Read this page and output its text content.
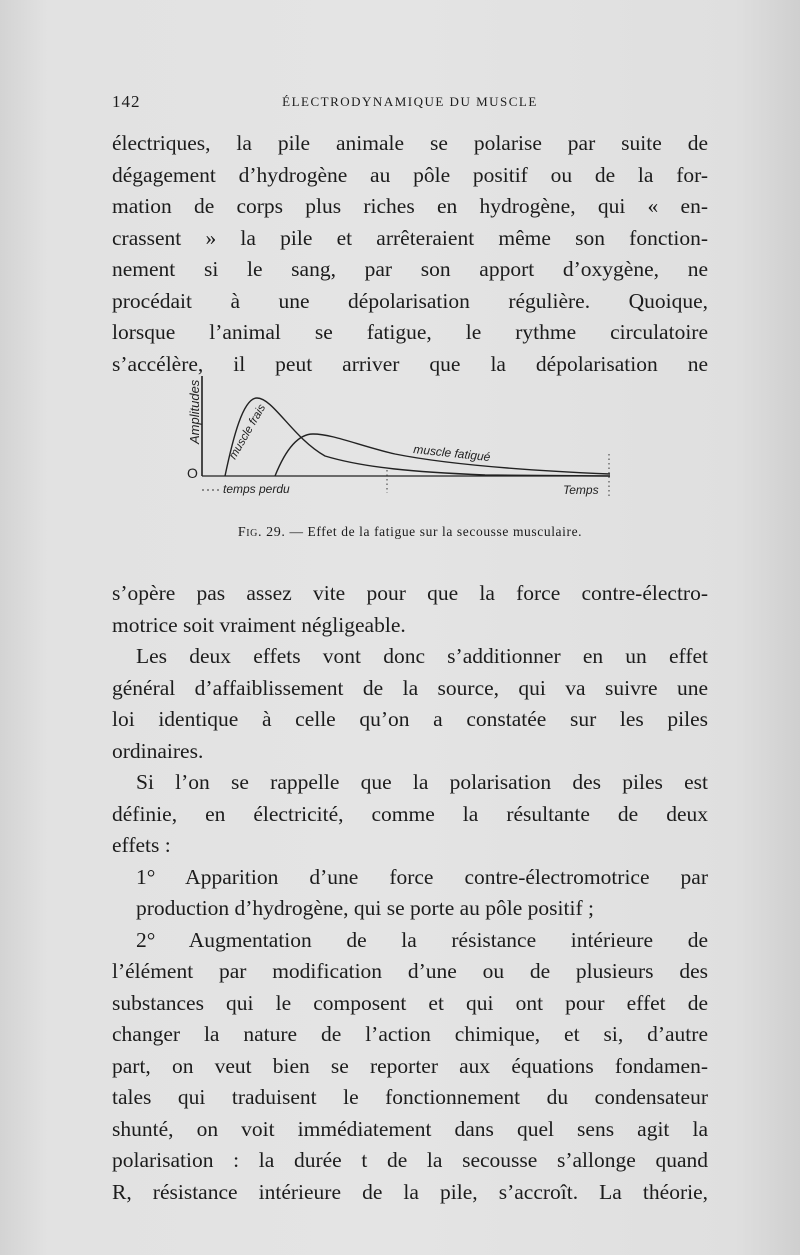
142	ÉLECTRODYNAMIQUE DU MUSCLE
électriques, la pile animale se polarise par suite de
dégagement d’hydrogène au pôle positif ou de la for-
mation de corps plus riches en hydrogène, qui « en-
crassent » la pile et arrêteraient même son fonction-
nement si le sang, par son apport d’oxygène, ne
procédait à une dépolarisation régulière. Quoique,
lorsque l’animal se fatigue, le rythme circulatoire
s’accélère, il peut arriver que la dépolarisation ne
Amplitudes
O
muscle frais	muscle fatigué
temps perdu	Temps
Fig. 29. — Effet de la fatigue sur la secousse musculaire.
s’opère pas assez vite pour que la force contre-électro-
motrice soit vraiment négligeable.
Les deux effets vont donc s’additionner en un effet
général d’affaiblissement de la source, qui va suivre une
loi identique à celle qu’on a constatée sur les piles
ordinaires.
Si l’on se rappelle que la polarisation des piles est
définie, en électricité, comme la résultante de deux
effets :
1° Apparition d’une force contre-électromotrice par
production d’hydrogène, qui se porte au pôle positif ;
2° Augmentation de la résistance intérieure de
l’élément par modification d’une ou de plusieurs des
substances qui le composent et qui ont pour effet de
changer la nature de l’action chimique, et si, d’autre
part, on veut bien se reporter aux équations fondamen-
tales qui traduisent le fonctionnement du condensateur
shunté, on voit immédiatement dans quel sens agit la
polarisation : la durée t de la secousse s’allonge quand
R, résistance intérieure de la pile, s’accroît. La théorie,
